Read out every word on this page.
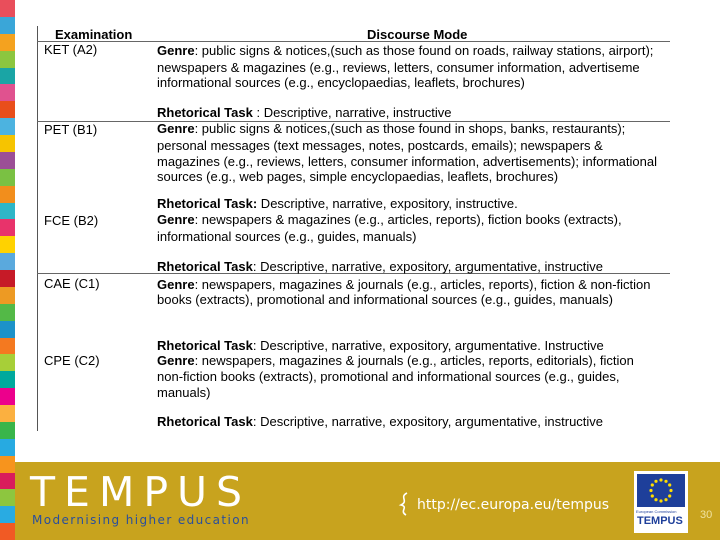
Examination	Discourse Mode
KET (A2)	Genre: public signs & notices,(such as those found on roads, railway stations, airport);
newspapers & magazines (e.g., reviews, letters, consumer information, advertiseme
informational sources (e.g., encyclopaedias, leaflets, brochures)
Rhetorical Task : Descriptive, narrative, instructive
PET (B1)	Genre: public signs & notices,(such as those found in shops, banks, restaurants);
personal messages (text messages, notes, postcards, emails); newspapers &
magazines (e.g., reviews, letters, consumer information, advertisements); informational
sources (e.g., web pages, simple encyclopaedias, leaflets, brochures)
Rhetorical Task: Descriptive, narrative, expository, instructive.
FCE (B2)	Genre: newspapers & magazines (e.g., articles, reports), fiction books (extracts),
informational sources (e.g., guides, manuals)
Rhetorical Task: Descriptive, narrative, expository, argumentative, instructive
CAE (C1)	Genre: newspapers, magazines & journals (e.g., articles, reports), fiction & non-fiction
books (extracts), promotional and informational sources (e.g., guides, manuals)
Rhetorical Task: Descriptive, narrative, expository, argumentative. Instructive
CPE (C2)	Genre: newspapers, magazines & journals (e.g., articles, reports, editorials), fiction
non-fiction books (extracts), promotional and informational sources (e.g., guides,
manuals)
Rhetorical Task: Descriptive, narrative, expository, argumentative, instructive
TEMPUS
Modernising higher education
http://ec.europa.eu/tempus	European Commission
TEMPUS 30
